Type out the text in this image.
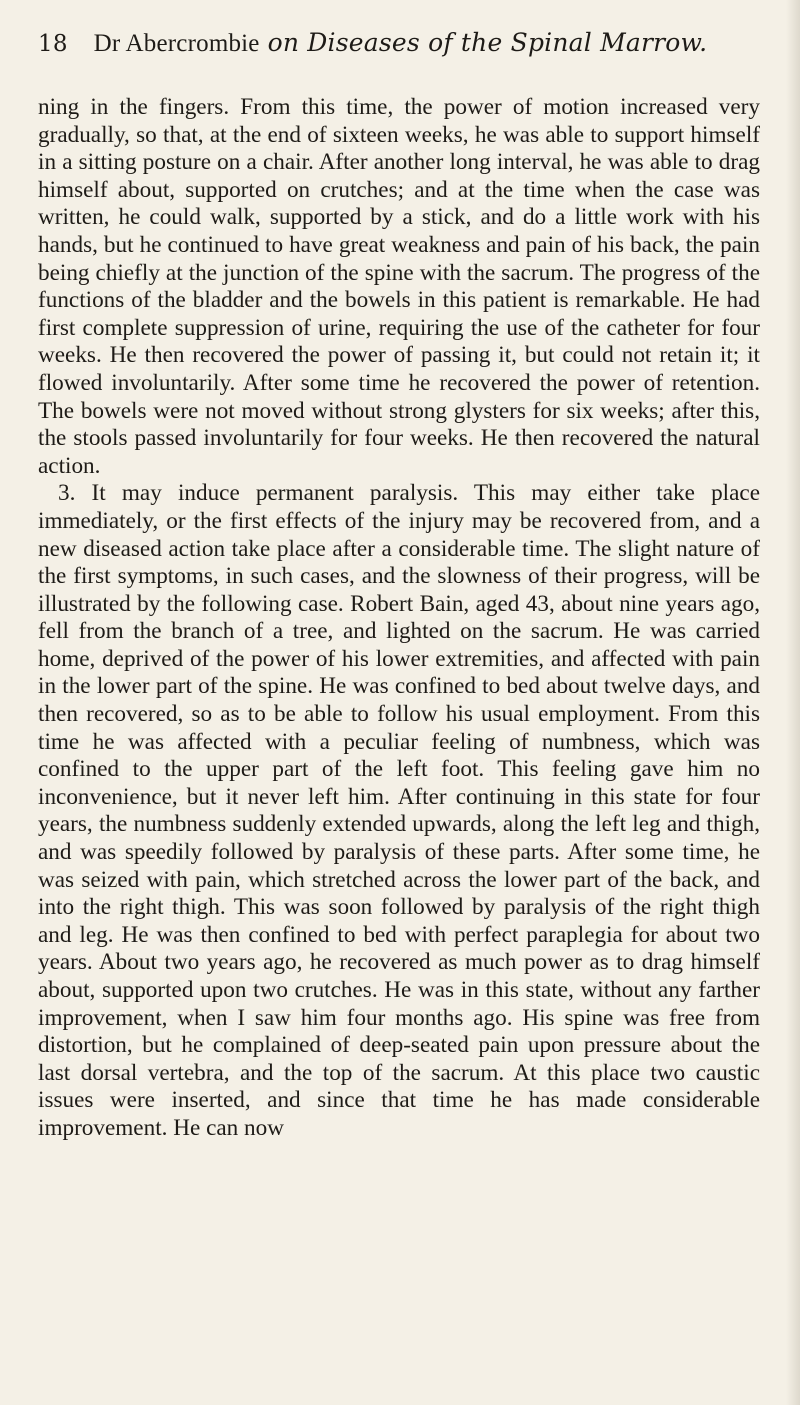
18 Dr Abercrombie on Diseases of the Spinal Marrow.

ning in the fingers. From this time, the power of motion increased very gradually, so that, at the end of sixteen weeks, he was able to support himself in a sitting posture on a chair. After another long interval, he was able to drag himself about, supported on crutches; and at the time when the case was written, he could walk, supported by a stick, and do a little work with his hands, but he continued to have great weakness and pain of his back, the pain being chiefly at the junction of the spine with the sacrum. The progress of the functions of the bladder and the bowels in this patient is remarkable. He had first complete suppression of urine, requiring the use of the catheter for four weeks. He then recovered the power of passing it, but could not retain it; it flowed involuntarily. After some time he recovered the power of retention. The bowels were not moved without strong glysters for six weeks; after this, the stools passed involuntarily for four weeks. He then recovered the natural action.

3. It may induce permanent paralysis. This may either take place immediately, or the first effects of the injury may be recovered from, and a new diseased action take place after a considerable time. The slight nature of the first symptoms, in such cases, and the slowness of their progress, will be illustrated by the following case. Robert Bain, aged 43, about nine years ago, fell from the branch of a tree, and lighted on the sacrum. He was carried home, deprived of the power of his lower extremities, and affected with pain in the lower part of the spine. He was confined to bed about twelve days, and then recovered, so as to be able to follow his usual employment. From this time he was affected with a peculiar feeling of numbness, which was confined to the upper part of the left foot. This feeling gave him no inconvenience, but it never left him. After continuing in this state for four years, the numbness suddenly extended upwards, along the left leg and thigh, and was speedily followed by paralysis of these parts. After some time, he was seized with pain, which stretched across the lower part of the back, and into the right thigh. This was soon followed by paralysis of the right thigh and leg. He was then confined to bed with perfect paraplegia for about two years. About two years ago, he recovered as much power as to drag himself about, supported upon two crutches. He was in this state, without any farther improvement, when I saw him four months ago. His spine was free from distortion, but he complained of deep-seated pain upon pressure about the last dorsal vertebra, and the top of the sacrum. At this place two caustic issues were inserted, and since that time he has made considerable improvement. He can now
